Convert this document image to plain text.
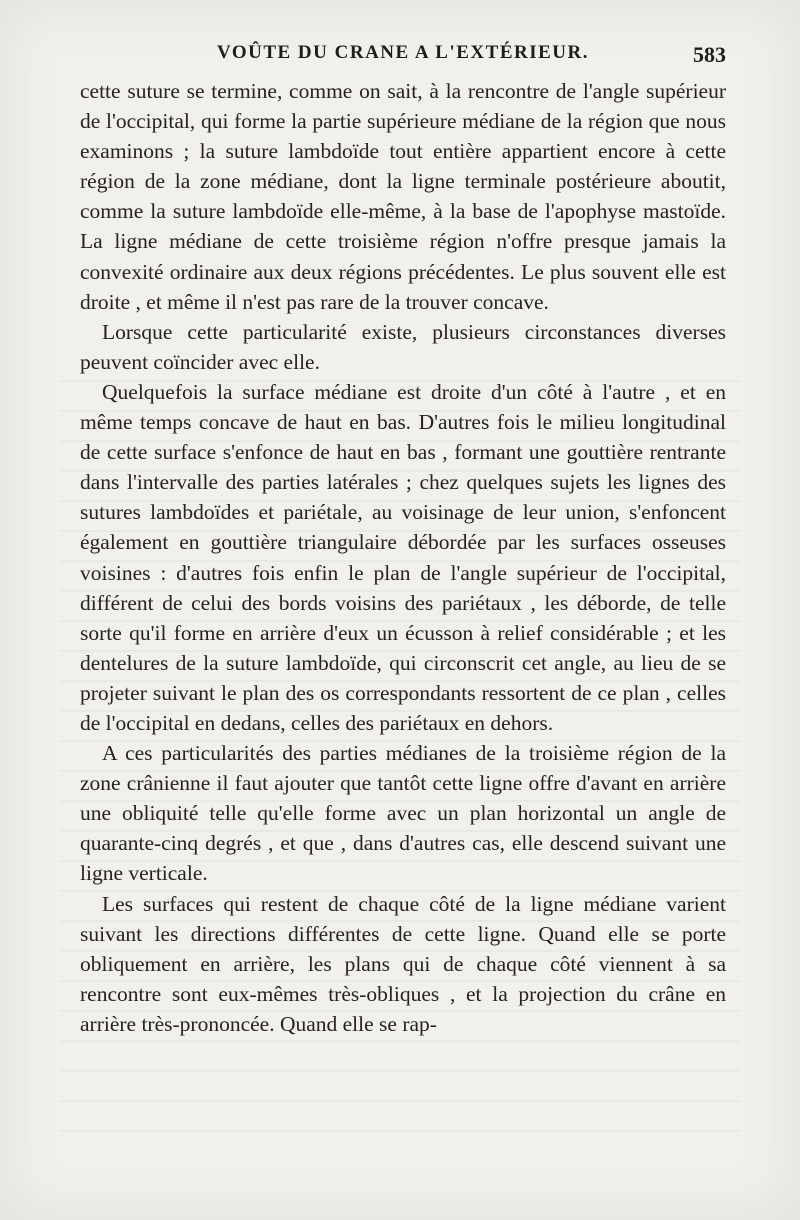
VOÛTE DU CRANE A L'EXTÉRIEUR.	583

cette suture se termine, comme on sait, à la rencontre de l'angle supérieur de l'occipital, qui forme la partie supérieure médiane de la région que nous examinons ; la suture lambdoïde tout entière appartient encore à cette région de la zone médiane, dont la ligne terminale postérieure aboutit, comme la suture lambdoïde elle-même, à la base de l'apophyse mastoïde. La ligne médiane de cette troisième région n'offre presque jamais la convexité ordinaire aux deux régions précédentes. Le plus souvent elle est droite , et même il n'est pas rare de la trouver concave.

Lorsque cette particularité existe, plusieurs circonstances diverses peuvent coïncider avec elle.

Quelquefois la surface médiane est droite d'un côté à l'autre , et en même temps concave de haut en bas. D'autres fois le milieu longitudinal de cette surface s'enfonce de haut en bas , formant une gouttière rentrante dans l'intervalle des parties latérales ; chez quelques sujets les lignes des sutures lambdoïdes et pariétale, au voisinage de leur union, s'enfoncent également en gouttière triangulaire débordée par les surfaces osseuses voisines : d'autres fois enfin le plan de l'angle supérieur de l'occipital, différent de celui des bords voisins des pariétaux , les déborde, de telle sorte qu'il forme en arrière d'eux un écusson à relief considérable ; et les dentelures de la suture lambdoïde, qui circonscrit cet angle, au lieu de se projeter suivant le plan des os correspondants ressortent de ce plan , celles de l'occipital en dedans, celles des pariétaux en dehors.

A ces particularités des parties médianes de la troisième région de la zone crânienne il faut ajouter que tantôt cette ligne offre d'avant en arrière une obliquité telle qu'elle forme avec un plan horizontal un angle de quarante-cinq degrés , et que , dans d'autres cas, elle descend suivant une ligne verticale.

Les surfaces qui restent de chaque côté de la ligne médiane varient suivant les directions différentes de cette ligne. Quand elle se porte obliquement en arrière, les plans qui de chaque côté viennent à sa rencontre sont eux-mêmes très-obliques , et la projection du crâne en arrière très-prononcée. Quand elle se rap-
